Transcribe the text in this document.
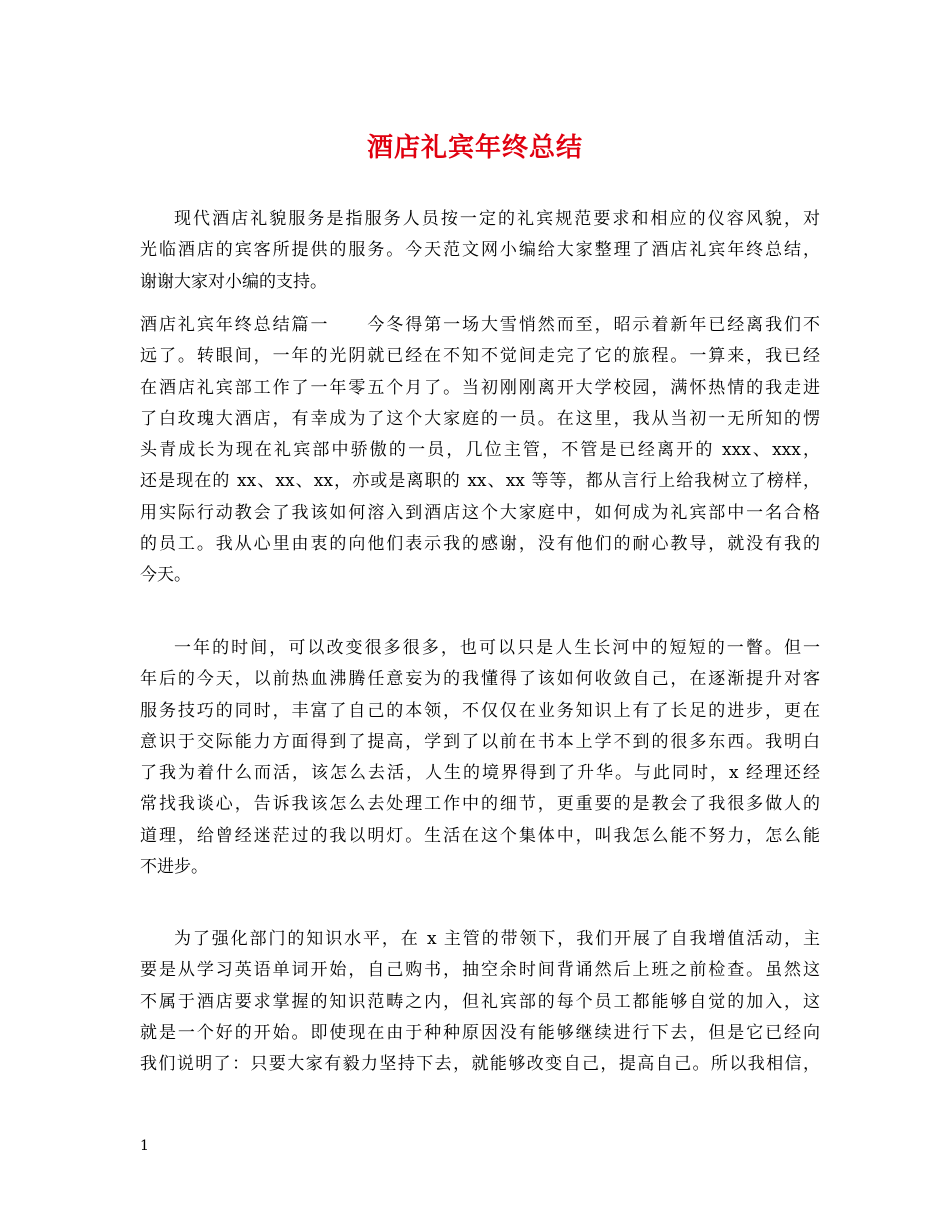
酒店礼宾年终总结
现代酒店礼貌服务是指服务人员按一定的礼宾规范要求和相应的仪容风貌，对
光临酒店的宾客所提供的服务。今天范文网小编给大家整理了酒店礼宾年终总结，
谢谢大家对小编的支持。
酒店礼宾年终总结篇一　　今冬得第一场大雪悄然而至，昭示着新年已经离我们不
远了。转眼间，一年的光阴就已经在不知不觉间走完了它的旅程。一算来，我已经
在酒店礼宾部工作了一年零五个月了。当初刚刚离开大学校园，满怀热情的我走进
了白玫瑰大酒店，有幸成为了这个大家庭的一员。在这里，我从当初一无所知的愣
头青成长为现在礼宾部中骄傲的一员，几位主管，不管是已经离开的 xxx、xxx，
还是现在的 xx、xx、xx，亦或是离职的 xx、xx 等等，都从言行上给我树立了榜样，
用实际行动教会了我该如何溶入到酒店这个大家庭中，如何成为礼宾部中一名合格
的员工。我从心里由衷的向他们表示我的感谢，没有他们的耐心教导，就没有我的
今天。
一年的时间，可以改变很多很多，也可以只是人生长河中的短短的一瞥。但一
年后的今天，以前热血沸腾任意妄为的我懂得了该如何收敛自己，在逐渐提升对客
服务技巧的同时，丰富了自己的本领，不仅仅在业务知识上有了长足的进步，更在
意识于交际能力方面得到了提高，学到了以前在书本上学不到的很多东西。我明白
了我为着什么而活，该怎么去活，人生的境界得到了升华。与此同时，x 经理还经
常找我谈心，告诉我该怎么去处理工作中的细节，更重要的是教会了我很多做人的
道理，给曾经迷茫过的我以明灯。生活在这个集体中，叫我怎么能不努力，怎么能
不进步。
为了强化部门的知识水平，在 x 主管的带领下，我们开展了自我增值活动，主
要是从学习英语单词开始，自己购书，抽空余时间背诵然后上班之前检查。虽然这
不属于酒店要求掌握的知识范畴之内，但礼宾部的每个员工都能够自觉的加入，这
就是一个好的开始。即使现在由于种种原因没有能够继续进行下去，但是它已经向
我们说明了：只要大家有毅力坚持下去，就能够改变自己，提高自己。所以我相信，
1
